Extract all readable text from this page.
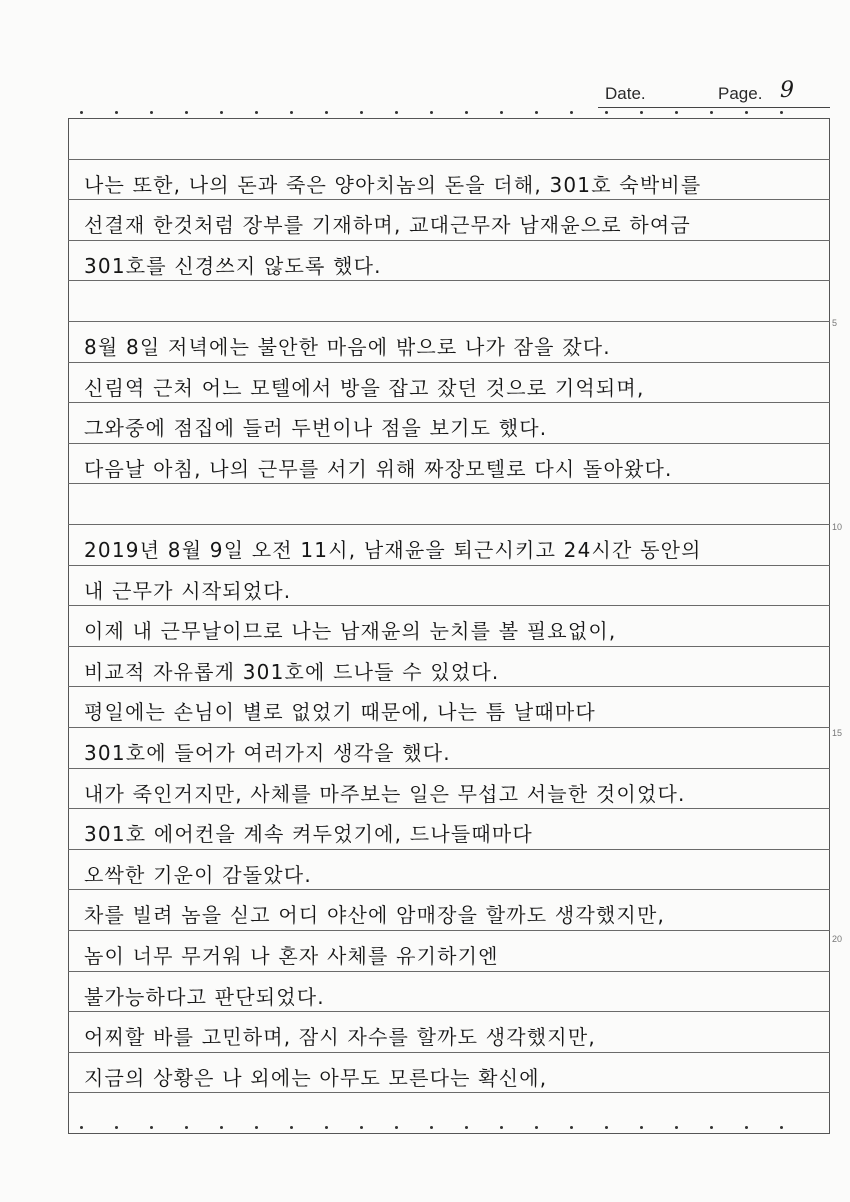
Date.	Page. 9
나는 또한, 나의 돈과 죽은 양아치놈의 돈을 더해, 301호 숙박비를
선결재 한것처럼 장부를 기재하며, 교대근무자 남재윤으로 하여금
301호를 신경쓰지 않도록 했다.
8월 8일 저녁에는 불안한 마음에 밖으로 나가 잠을 잤다.
신림역 근처 어느 모텔에서 방을 잡고 잤던 것으로 기억되며,
그와중에 점집에 들러 두번이나 점을 보기도 했다.
다음날 아침, 나의 근무를 서기 위해 짜장모텔로 다시 돌아왔다.
2019년 8월 9일 오전 11시, 남재윤을 퇴근시키고 24시간 동안의
내 근무가 시작되었다.
이제 내 근무날이므로 나는 남재윤의 눈치를 볼 필요없이,
비교적 자유롭게 301호에 드나들 수 있었다.
평일에는 손님이 별로 없었기 때문에, 나는 틈 날때마다
301호에 들어가 여러가지 생각을 했다.
내가 죽인거지만, 사체를 마주보는 일은 무섭고 서늘한 것이었다.
301호 에어컨을 계속 켜두었기에, 드나들때마다
오싹한 기운이 감돌았다.
차를 빌려 놈을 싣고 어디 야산에 암매장을 할까도 생각했지만,
놈이 너무 무거워 나 혼자 사체를 유기하기엔
불가능하다고 판단되었다.
어찌할 바를 고민하며, 잠시 자수를 할까도 생각했지만,
지금의 상황은 나 외에는 아무도 모른다는 확신에,
5
10
15
20
